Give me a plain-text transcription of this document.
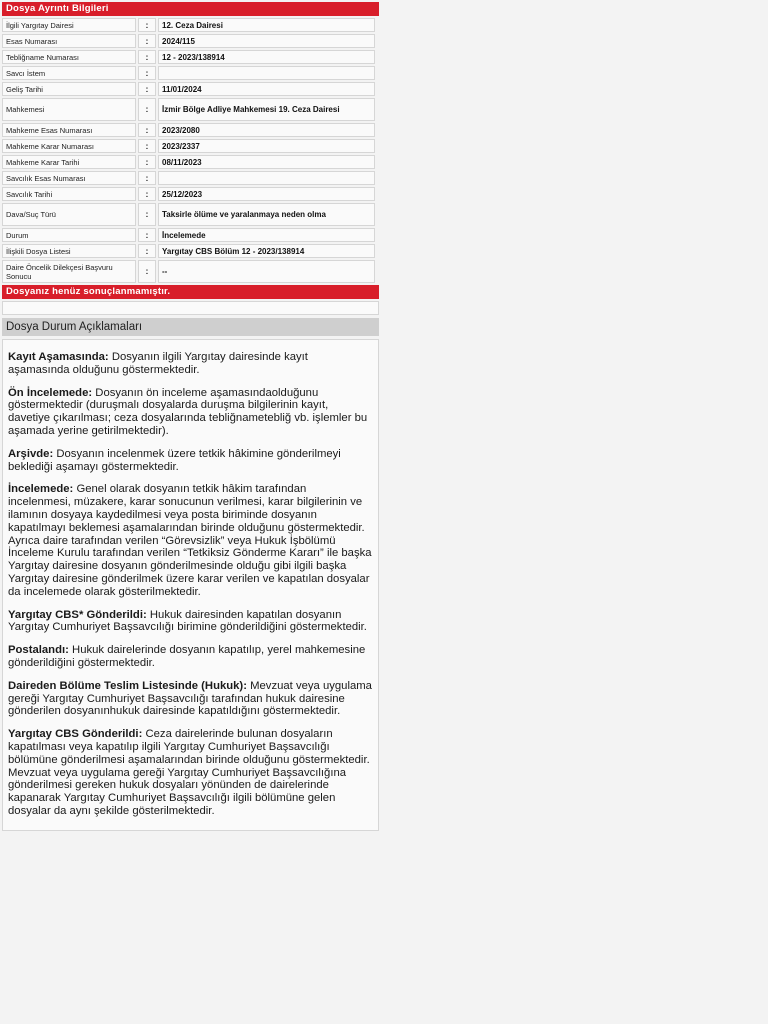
Dosya Ayrıntı Bilgileri
İlgili Yargıtay Dairesi	:	12. Ceza Dairesi
Esas Numarası	:	2024/115
Tebliğname Numarası	:	12 - 2023/138914
Savcı İstem	:	
Geliş Tarihi	:	11/01/2024
Mahkemesi	:	İzmir Bölge Adliye Mahkemesi 19. Ceza Dairesi
Mahkeme Esas Numarası	:	2023/2080
Mahkeme Karar Numarası	:	2023/2337
Mahkeme Karar Tarihi	:	08/11/2023
Savcılık Esas Numarası	:	
Savcılık Tarihi	:	25/12/2023
Dava/Suç Türü	:	Taksirle ölüme ve yaralanmaya neden olma
Durum	:	İncelemede
İlişkili Dosya Listesi	:	Yargıtay CBS Bölüm 12 - 2023/138914
Daire Öncelik Dilekçesi Başvuru Sonucu	:	--
Dosyanız henüz sonuçlanmamıştır.
Dosya Durum Açıklamaları

Kayıt Aşamasında: Dosyanın ilgili Yargıtay dairesinde kayıt aşamasında olduğunu göstermektedir.

Ön İncelemede: Dosyanın ön inceleme aşamasındaolduğunu göstermektedir (duruşmalı dosyalarda duruşma bilgilerinin kayıt, davetiye çıkarılması; ceza dosyalarında tebliğnametebliğ vb. işlemler bu aşamada yerine getirilmektedir).

Arşivde: Dosyanın incelenmek üzere tetkik hâkimine gönderilmeyi beklediği aşamayı göstermektedir.

İncelemede: Genel olarak dosyanın tetkik hâkim tarafından incelenmesi, müzakere, karar sonucunun verilmesi, karar bilgilerinin ve ilamının dosyaya kaydedilmesi veya posta biriminde dosyanın kapatılmayı beklemesi aşamalarından birinde olduğunu göstermektedir. Ayrıca daire tarafından verilen “Görevsizlik” veya Hukuk İşbölümü İnceleme Kurulu tarafından verilen “Tetkiksiz Gönderme Kararı” ile başka Yargıtay dairesine dosyanın gönderilmesinde olduğu gibi ilgili başka Yargıtay dairesine gönderilmek üzere karar verilen ve kapatılan dosyalar da incelemede olarak gösterilmektedir.

Yargıtay CBS* Gönderildi: Hukuk dairesinden kapatılan dosyanın Yargıtay Cumhuriyet Başsavcılığı birimine gönderildiğini göstermektedir.

Postalandı: Hukuk dairelerinde dosyanın kapatılıp, yerel mahkemesine gönderildiğini göstermektedir.

Daireden Bölüme Teslim Listesinde (Hukuk): Mevzuat veya uygulama gereği Yargıtay Cumhuriyet Başsavcılığı tarafından hukuk dairesine gönderilen dosyanınhukuk dairesinde kapatıldığını göstermektedir.

Yargıtay CBS Gönderildi: Ceza dairelerinde bulunan dosyaların kapatılması veya kapatılıp ilgili Yargıtay Cumhuriyet Başsavcılığı bölümüne gönderilmesi aşamalarından birinde olduğunu göstermektedir. Mevzuat veya uygulama gereği Yargıtay Cumhuriyet Başsavcılığına gönderilmesi gereken hukuk dosyaları yönünden de dairelerinde kapanarak Yargıtay Cumhuriyet Başsavcılığı ilgili bölümüne gelen dosyalar da aynı şekilde gösterilmektedir.
